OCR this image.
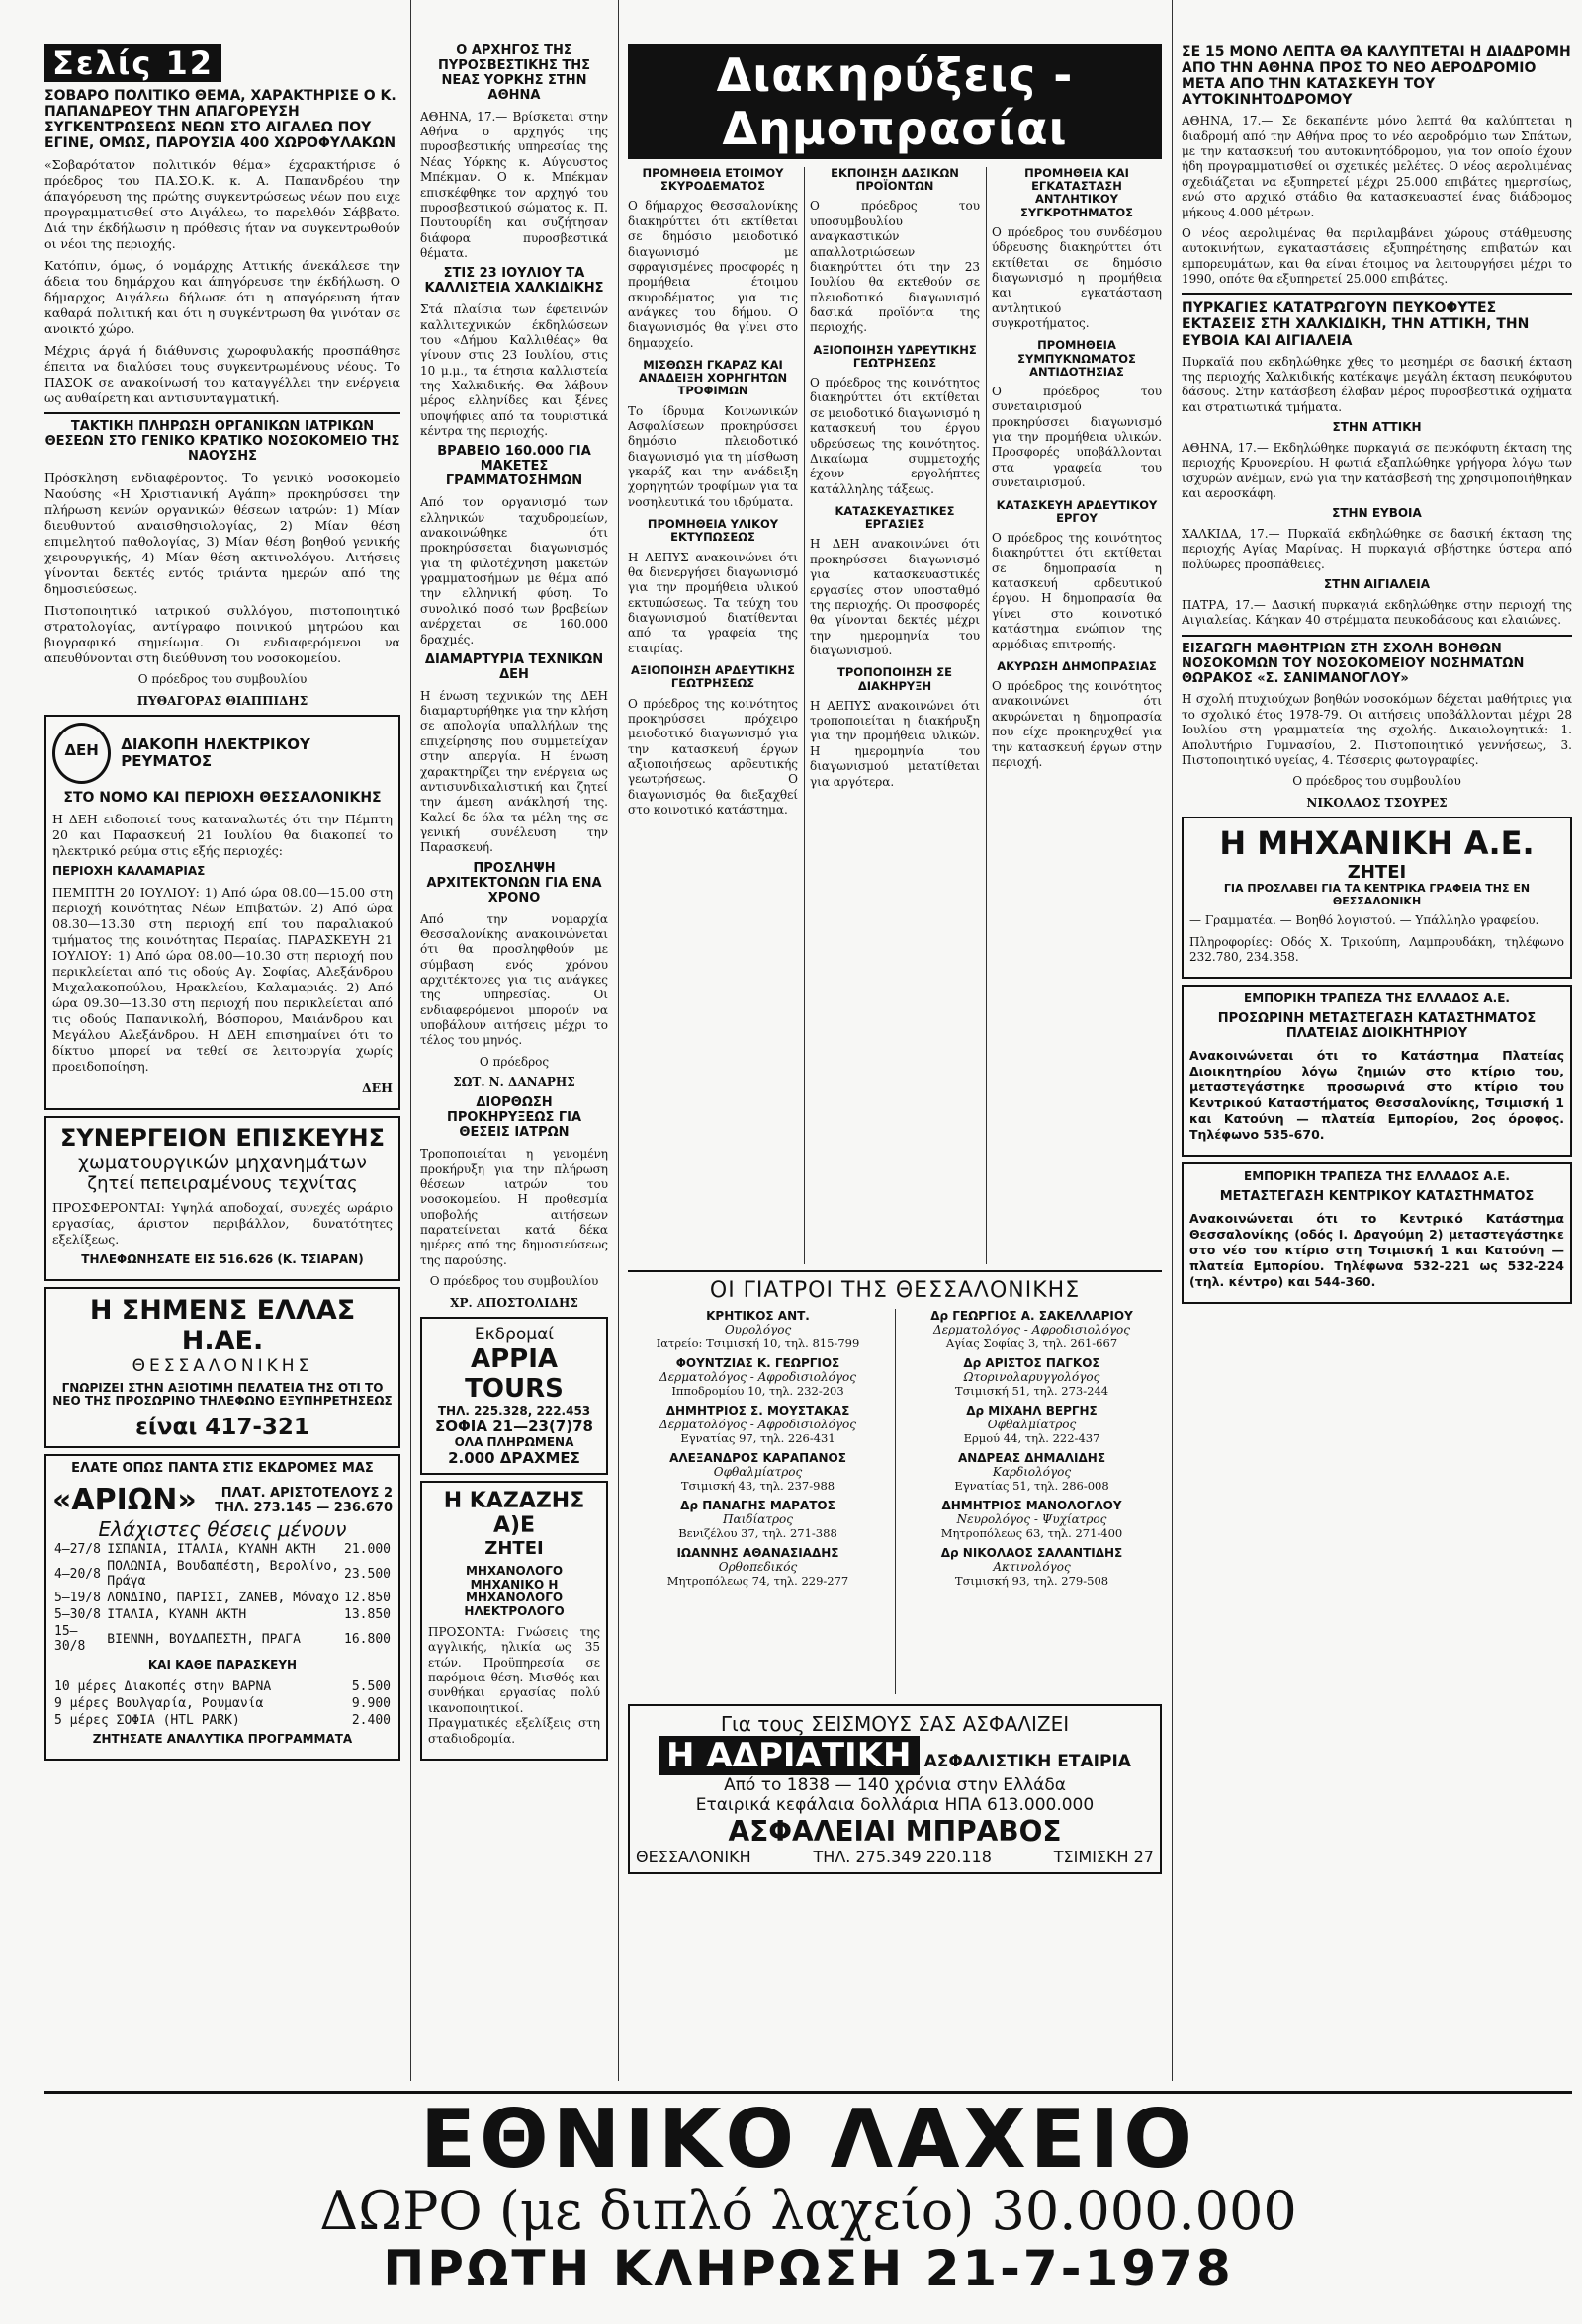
Σελίς 12
ΣΟΒΑΡΟ ΠΟΛΙΤΙΚΟ ΘΕΜΑ, ΧΑΡΑΚΤΗΡΙΣΕ Ο Κ. ΠΑΠΑΝΔΡΕΟΥ ΤΗΝ ΑΠΑΓΟΡΕΥΣΗ ΣΥΓΚΕΝΤΡΩΣΕΩΣ ΝΕΩΝ ΣΤΟ ΑΙΓΑΛΕΩ ΠΟΥ ΕΓΙΝΕ, ΟΜΩΣ, ΠΑΡΟΥΣΙΑ 400 ΧΩΡΟΦΥΛΑΚΩΝ

«Σοβαρότατον πολιτικόν θέμα» έχαρακτήρισε ό πρόεδρος του ΠΑ.ΣΟ.Κ. κ. Α. Παπανδρέου την άπαγόρευση της πρώτης συγκεντρώσεως νέων που ειχε προγραμματισθεί στο Αιγάλεω, το παρελθόν Σάββατο. Διά την έκδήλωσιν η πρόθεσις ήταν να συγκεντρωθούν οι νέοι της περιοχής.

Κατόπιν, όμως, ό νομάρχης Αττικής άνεκάλεσε την άδεια του δημάρχου και άπηγόρευσε την έκδήλωση. Ο δήμαρχος Αιγάλεω δήλωσε ότι η απαγόρευση ήταν καθαρά πολιτική και ότι η συγκέντρωση θα γινόταν σε ανοικτό χώρο.

Μέχρις άργά ή διάθυνσις χωροφυλακής προσπάθησε έπειτα να διαλύσει τους συγκεντρωμένους νέους. Το ΠΑΣΟΚ σε ανακοίνωσή του καταγγέλλει την ενέργεια ως αυθαίρετη και αντισυνταγματική.

ΤΑΚΤΙΚΗ ΠΛΗΡΩΣΗ ΟΡΓΑΝΙΚΩΝ ΙΑΤΡΙΚΩΝ ΘΕΣΕΩΝ ΣΤΟ ΓΕΝΙΚΟ ΚΡΑΤΙΚΟ ΝΟΣΟΚΟΜΕΙΟ ΤΗΣ ΝΑΟΥΣΗΣ

Πρόσκληση ενδιαφέροντος. Το γενικό νοσοκομείο Ναούσης «Η Χριστιανική Αγάπη» προκηρύσσει την πλήρωση κενών οργανικών θέσεων ιατρών: 1) Μίαν διευθυντού αναισθησιολογίας, 2) Μίαν θέση επιμελητού παθολογίας, 3) Μίαν θέση βοηθού γενικής χειρουργικής, 4) Μίαν θέση ακτινολόγου. Αιτήσεις γίνονται δεκτές εντός τριάντα ημερών από της δημοσιεύσεως.

Πιστοποιητικό ιατρικού συλλόγου, πιστοποιητικό στρατολογίας, αντίγραφο ποινικού μητρώου και βιογραφικό σημείωμα. Οι ενδιαφερόμενοι να απευθύνονται στη διεύθυνση του νοσοκομείου.

Ο πρόεδρος του συμβουλίου
ΠΥΘΑΓΟΡΑΣ ΘΙΑΠΠΙΔΗΣ
ΔΕΗ	ΔΙΑΚΟΠΗ ΗΛΕΚΤΡΙΚΟΥ ΡΕΥΜΑΤΟΣ
ΣΤΟ ΝΟΜΟ ΚΑΙ ΠΕΡΙΟΧΗ ΘΕΣΣΑΛΟΝΙΚΗΣ

Η ΔΕΗ ειδοποιεί τους καταναλωτές ότι την Πέμπτη 20 και Παρασκευή 21 Ιουλίου θα διακοπεί το ηλεκτρικό ρεύμα στις εξής περιοχές:

ΠΕΡΙΟΧΗ ΚΑΛΑΜΑΡΙΑΣ

ΠΕΜΠΤΗ 20 ΙΟΥΛΙΟΥ: 1) Από ώρα 08.00—15.00 στη περιοχή κοινότητας Νέων Επιβατών. 2) Από ώρα 08.30—13.30 στη περιοχή επί του παραλιακού τμήματος της κοινότητας Περαίας. ΠΑΡΑΣΚΕΥΗ 21 ΙΟΥΛΙΟΥ: 1) Από ώρα 08.00—10.30 στη περιοχή που περικλείεται από τις οδούς Αγ. Σοφίας, Αλεξάνδρου Μιχαλακοπούλου, Ηρακλείου, Καλαμαριάς. 2) Από ώρα 09.30—13.30 στη περιοχή που περικλείεται από τις οδούς Παπανικολή, Βόσπορου, Μαιάνδρου και Μεγάλου Αλεξάνδρου. Η ΔΕΗ επισημαίνει ότι το δίκτυο μπορεί να τεθεί σε λειτουργία χωρίς προειδοποίηση.

ΔΕΗ
ΣΥΝΕΡΓΕΙΟΝ ΕΠΙΣΚΕΥΗΣ
χωματουργικών μηχανημάτων
ζητεί πεπειραμένους τεχνίτας

ΠΡΟΣΦΕΡΟΝΤΑΙ: Υψηλά αποδοχαί, συνεχές ωράριο εργασίας, άριστον περιβάλλον, δυνατότητες εξελίξεως.

ΤΗΛΕΦΩΝΗΣΑΤΕ ΕΙΣ 516.626 (Κ. ΤΣΙΑΡΑΝ)
Η ΣΗΜΕΝΣ ΕΛΛΑΣ Η.ΑΕ.
ΘΕΣΣΑΛΟΝΙΚΗΣ
ΓΝΩΡΙΖΕΙ ΣΤΗΝ ΑΞΙΟΤΙΜΗ ΠΕΛΑΤΕΙΑ ΤΗΣ ΟΤΙ ΤΟ ΝΕΟ ΤΗΣ ΠΡΟΣΩΡΙΝΟ ΤΗΛΕΦΩΝΟ ΕΞΥΠΗΡΕΤΗΣΕΩΣ
είναι 417-321
ΕΛΑΤΕ ΟΠΩΣ ΠΑΝΤΑ ΣΤΙΣ ΕΚΔΡΟΜΕΣ ΜΑΣ
«ΑΡΙΩΝ»	ΠΛΑΤ. ΑΡΙΣΤΟΤΕΛΟΥΣ 2
ΤΗΛ. 273.145 — 236.670
Ελάχιστες θέσεις μένουν
4—27/8	ΙΣΠΑΝΙΑ, ΙΤΑΛΙΑ, ΚΥΑΝΗ ΑΚΤΗ	21.000
4—20/8	ΠΟΛΩΝΙΑ, Βουδαπέστη, Βερολίνο, Πράγα	23.500
5—19/8	ΛΟΝΔΙΝΟ, ΠΑΡΙΣΙ, ΖΑΝΕΒ, Μόναχο	12.850
5—30/8	ΙΤΑΛΙΑ, ΚΥΑΝΗ ΑΚΤΗ	13.850
15—30/8	ΒΙΕΝΝΗ, ΒΟΥΔΑΠΕΣΤΗ, ΠΡΑΓΑ	16.800
ΚΑΙ ΚΑΘΕ ΠΑΡΑΣΚΕΥΗ
10 μέρες Διακοπές στην ΒΑΡΝΑ	5.500
9 μέρες Βουλγαρία, Ρουμανία	9.900
5 μέρες ΣΟΦΙΑ (HTL PARK)	2.400
ΖΗΤΗΣΑΤΕ ΑΝΑΛΥΤΙΚΑ ΠΡΟΓΡΑΜΜΑΤΑ
Ο ΑΡΧΗΓΟΣ ΤΗΣ ΠΥΡΟΣΒΕΣΤΙΚΗΣ ΤΗΣ ΝΕΑΣ ΥΟΡΚΗΣ ΣΤΗΝ ΑΘΗΝΑ

ΑΘΗΝΑ, 17.— Βρίσκεται στην Αθήνα ο αρχηγός της πυροσβεστικής υπηρεσίας της Νέας Υόρκης κ. Αύγουστος Μπέκμαν. Ο κ. Μπέκμαν επισκέφθηκε τον αρχηγό του πυροσβεστικού σώματος κ. Π. Πουτουρίδη και συζήτησαν διάφορα πυροσβεστικά θέματα.

ΣΤΙΣ 23 ΙΟΥΛΙΟΥ ΤΑ ΚΑΛΛΙΣΤΕΙΑ ΧΑΛΚΙΔΙΚΗΣ

Στά πλαίσια των έφετεινών καλλιτεχνικών έκδηλώσεων του «Δήμου Καλλιθέας» θα γίνουν στις 23 Ιουλίου, στις 10 μ.μ., τα έτησια καλλιστεία της Χαλκιδικής. Θα λάβουν μέρος ελληνίδες και ξένες υποψήφιες από τα τουριστικά κέντρα της περιοχής.

ΒΡΑΒΕΙΟ 160.000 ΓΙΑ ΜΑΚΕΤΕΣ ΓΡΑΜΜΑΤΟΣΗΜΩΝ

Από τον οργανισμό των ελληνικών ταχυδρομείων, ανακοινώθηκε ότι προκηρύσσεται διαγωνισμός για τη φιλοτέχνηση μακετών γραμματοσήμων με θέμα από την ελληνική φύση. Το συνολικό ποσό των βραβείων ανέρχεται σε 160.000 δραχμές.

ΔΙΑΜΑΡΤΥΡΙΑ ΤΕΧΝΙΚΩΝ ΔΕΗ

Η ένωση τεχνικών της ΔΕΗ διαμαρτυρήθηκε για την κλήση σε απολογία υπαλλήλων της επιχείρησης που συμμετείχαν στην απεργία. Η ένωση χαρακτηρίζει την ενέργεια ως αντισυνδικαλιστική και ζητεί την άμεση ανάκλησή της. Καλεί δε όλα τα μέλη της σε γενική συνέλευση την Παρασκευή.

ΠΡΟΣΛΗΨΗ ΑΡΧΙΤΕΚΤΟΝΩΝ ΓΙΑ ΕΝΑ ΧΡΟΝΟ

Από την νομαρχία Θεσσαλονίκης ανακοινώνεται ότι θα προσληφθούν με σύμβαση ενός χρόνου αρχιτέκτονες για τις ανάγκες της υπηρεσίας. Οι ενδιαφερόμενοι μπορούν να υποβάλουν αιτήσεις μέχρι το τέλος του μηνός.

Ο πρόεδρος
ΣΩΤ. Ν. ΔΑΝΑΡΗΣ
ΔΙΟΡΘΩΣΗ ΠΡΟΚΗΡΥΞΕΩΣ ΓΙΑ ΘΕΣΕΙΣ ΙΑΤΡΩΝ

Τροποποιείται η γενομένη προκήρυξη για την πλήρωση θέσεων ιατρών του νοσοκομείου. Η προθεσμία υποβολής αιτήσεων παρατείνεται κατά δέκα ημέρες από της δημοσιεύσεως της παρούσης.

Ο πρόεδρος του συμβουλίου
ΧΡ. ΑΠΟΣΤΟΛΙΔΗΣ
Εκδρομαί
APPIA TOURS
ΤΗΛ. 225.328, 222.453
ΣΟΦΙΑ 21—23(7)78
ΟΛΑ ΠΛΗΡΩΜΕΝΑ
2.000 ΔΡΑΧΜΕΣ
Η ΚΑΖΑΖΗΣ Α)Ε
ΖΗΤΕΙ
ΜΗΧΑΝΟΛΟΓΟ ΜΗΧΑΝΙΚΟ Η ΜΗΧΑΝΟΛΟΓΟ ΗΛΕΚΤΡΟΛΟΓΟ

ΠΡΟΣΟΝΤΑ: Γνώσεις της αγγλικής, ηλικία ως 35 ετών. Προϋπηρεσία σε παρόμοια θέση. Μισθός και συνθήκαι εργασίας πολύ ικανοποιητικοί. Πραγματικές εξελίξεις στη σταδιοδρομία.

Διακηρύξεις - Δημοπρασίαι
ΠΡΟΜΗΘΕΙΑ ΕΤΟΙΜΟΥ ΣΚΥΡΟΔΕΜΑΤΟΣ

Ο δήμαρχος Θεσσαλονίκης διακηρύττει ότι εκτίθεται σε δημόσιο μειοδοτικό διαγωνισμό με σφραγισμένες προσφορές η προμήθεια έτοιμου σκυροδέματος για τις ανάγκες του δήμου. Ο διαγωνισμός θα γίνει στο δημαρχείο.

ΜΙΣΘΩΣΗ ΓΚΑΡΑΖ ΚΑΙ ΑΝΑΔΕΙΞΗ ΧΟΡΗΓΗΤΩΝ ΤΡΟΦΙΜΩΝ

Το ίδρυμα Κοινωνικών Ασφαλίσεων προκηρύσσει δημόσιο πλειοδοτικό διαγωνισμό για τη μίσθωση γκαράζ και την ανάδειξη χορηγητών τροφίμων για τα νοσηλευτικά του ιδρύματα.

ΠΡΟΜΗΘΕΙΑ ΥΛΙΚΟΥ ΕΚΤΥΠΩΣΕΩΣ

Η ΑΕΠΥΣ ανακοινώνει ότι θα διενεργήσει διαγωνισμό για την προμήθεια υλικού εκτυπώσεως. Τα τεύχη του διαγωνισμού διατίθενται από τα γραφεία της εταιρίας.

ΑΞΙΟΠΟΙΗΣΗ ΑΡΔΕΥΤΙΚΗΣ ΓΕΩΤΡΗΣΕΩΣ

Ο πρόεδρος της κοινότητος προκηρύσσει πρόχειρο μειοδοτικό διαγωνισμό για την κατασκευή έργων αξιοποιήσεως αρδευτικής γεωτρήσεως. Ο διαγωνισμός θα διεξαχθεί στο κοινοτικό κατάστημα.

ΕΚΠΟΙΗΣΗ ΔΑΣΙΚΩΝ ΠΡΟΪΟΝΤΩΝ

Ο πρόεδρος του υποσυμβουλίου αναγκαστικών απαλλοτριώσεων διακηρύττει ότι την 23 Ιουλίου θα εκτεθούν σε πλειοδοτικό διαγωνισμό δασικά προϊόντα της περιοχής.

ΑΞΙΟΠΟΙΗΣΗ ΥΔΡΕΥΤΙΚΗΣ ΓΕΩΤΡΗΣΕΩΣ

Ο πρόεδρος της κοινότητος διακηρύττει ότι εκτίθεται σε μειοδοτικό διαγωνισμό η κατασκευή του έργου υδρεύσεως της κοινότητος. Δικαίωμα συμμετοχής έχουν εργολήπτες κατάλληλης τάξεως.

ΚΑΤΑΣΚΕΥΑΣΤΙΚΕΣ ΕΡΓΑΣΙΕΣ

Η ΔΕΗ ανακοινώνει ότι προκηρύσσει διαγωνισμό για κατασκευαστικές εργασίες στον υποσταθμό της περιοχής. Οι προσφορές θα γίνονται δεκτές μέχρι την ημερομηνία του διαγωνισμού.

ΤΡΟΠΟΠΟΙΗΣΗ ΣΕ ΔΙΑΚΗΡΥΞΗ

Η ΑΕΠΥΣ ανακοινώνει ότι τροποποιείται η διακήρυξη για την προμήθεια υλικών. Η ημερομηνία του διαγωνισμού μετατίθεται για αργότερα.

ΠΡΟΜΗΘΕΙΑ ΚΑΙ ΕΓΚΑΤΑΣΤΑΣΗ ΑΝΤΛΗΤΙΚΟΥ ΣΥΓΚΡΟΤΗΜΑΤΟΣ

Ο πρόεδρος του συνδέσμου ύδρευσης διακηρύττει ότι εκτίθεται σε δημόσιο διαγωνισμό η προμήθεια και εγκατάσταση αντλητικού συγκροτήματος.

ΠΡΟΜΗΘΕΙΑ ΣΥΜΠΥΚΝΩΜΑΤΟΣ ΑΝΤΙΔΟΤΗΣΙΑΣ

Ο πρόεδρος του συνεταιρισμού προκηρύσσει διαγωνισμό για την προμήθεια υλικών. Προσφορές υποβάλλονται στα γραφεία του συνεταιρισμού.

ΚΑΤΑΣΚΕΥΗ ΑΡΔΕΥΤΙΚΟΥ ΕΡΓΟΥ

Ο πρόεδρος της κοινότητος διακηρύττει ότι εκτίθεται σε δημοπρασία η κατασκευή αρδευτικού έργου. Η δημοπρασία θα γίνει στο κοινοτικό κατάστημα ενώπιον της αρμόδιας επιτροπής.

ΑΚΥΡΩΣΗ ΔΗΜΟΠΡΑΣΙΑΣ

Ο πρόεδρος της κοινότητος ανακοινώνει ότι ακυρώνεται η δημοπρασία που είχε προκηρυχθεί για την κατασκευή έργων στην περιοχή.

ΟΙ ΓΙΑΤΡΟΙ ΤΗΣ ΘΕΣΣΑΛΟΝΙΚΗΣ
ΚΡΗΤΙΚΟΣ ΑΝΤ.
Ουρολόγος
Ιατρείο: Τσιμισκή 10, τηλ. 815-799
ΦΟΥΝΤΖΙΑΣ Κ. ΓΕΩΡΓΙΟΣ
Δερματολόγος - Αφροδισιολόγος
Ιπποδρομίου 10, τηλ. 232-203
ΔΗΜΗΤΡΙΟΣ Σ. ΜΟΥΣΤΑΚΑΣ
Δερματολόγος - Αφροδισιολόγος
Εγνατίας 97, τηλ. 226-431
ΑΛΕΞΑΝΔΡΟΣ ΚΑΡΑΠΑΝΟΣ
Οφθαλμίατρος
Τσιμισκή 43, τηλ. 237-988
Δρ ΠΑΝΑΓΗΣ ΜΑΡΑΤΟΣ
Παιδίατρος
Βενιζέλου 37, τηλ. 271-388
ΙΩΑΝΝΗΣ ΑΘΑΝΑΣΙΑΔΗΣ
Ορθοπεδικός
Μητροπόλεως 74, τηλ. 229-277
Δρ ΓΕΩΡΓΙΟΣ Α. ΣΑΚΕΛΛΑΡΙΟΥ
Δερματολόγος - Αφροδισιολόγος
Αγίας Σοφίας 3, τηλ. 261-667
Δρ ΑΡΙΣΤΟΣ ΠΑΓΚΟΣ
Ωτορινολαρυγγολόγος
Τσιμισκή 51, τηλ. 273-244
Δρ ΜΙΧΑΗΛ ΒΕΡΓΗΣ
Οφθαλμίατρος
Ερμού 44, τηλ. 222-437
ΑΝΔΡΕΑΣ ΔΗΜΑΛΙΔΗΣ
Καρδιολόγος
Εγνατίας 51, τηλ. 286-008
ΔΗΜΗΤΡΙΟΣ ΜΑΝΟΛΟΓΛΟΥ
Νευρολόγος - Ψυχίατρος
Μητροπόλεως 63, τηλ. 271-400
Δρ ΝΙΚΟΛΑΟΣ ΣΑΛΑΝΤΙΔΗΣ
Ακτινολόγος
Τσιμισκή 93, τηλ. 279-508
Για τους ΣΕΙΣΜΟΥΣ ΣΑΣ ΑΣΦΑΛΙΖΕΙ
Η ΑΔΡΙΑΤΙΚΗ ΑΣΦΑΛΙΣΤΙΚΗ ΕΤΑΙΡΙΑ
Από το 1838 — 140 χρόνια στην Ελλάδα
Εταιρικά κεφάλαια δολλάρια ΗΠΑ 613.000.000
ΑΣΦΑΛΕΙΑΙ ΜΠΡΑΒΟΣ
ΘΕΣΣΑΛΟΝΙΚΗ	ΤΗΛ. 275.349 220.118	ΤΣΙΜΙΣΚΗ 27
ΣΕ 15 ΜΟΝΟ ΛΕΠΤΑ ΘΑ ΚΑΛΥΠΤΕΤΑΙ Η ΔΙΑΔΡΟΜΗ ΑΠΟ ΤΗΝ ΑΘΗΝΑ ΠΡΟΣ ΤΟ ΝΕΟ ΑΕΡΟΔΡΟΜΙΟ ΜΕΤΑ ΑΠΟ ΤΗΝ ΚΑΤΑΣΚΕΥΗ ΤΟΥ ΑΥΤΟΚΙΝΗΤΟΔΡΟΜΟΥ

ΑΘΗΝΑ, 17.— Σε δεκαπέντε μόνο λεπτά θα καλύπτεται η διαδρομή από την Αθήνα προς το νέο αεροδρόμιο των Σπάτων, με την κατασκευή του αυτοκινητόδρομου, για τον οποίο έχουν ήδη προγραμματισθεί οι σχετικές μελέτες. Ο νέος αερολιμένας σχεδιάζεται να εξυπηρετεί μέχρι 25.000 επιβάτες ημερησίως, ενώ στο αρχικό στάδιο θα κατασκευαστεί ένας διάδρομος μήκους 4.000 μέτρων.

Ο νέος αερολιμένας θα περιλαμβάνει χώρους στάθμευσης αυτοκινήτων, εγκαταστάσεις εξυπηρέτησης επιβατών και εμπορευμάτων, και θα είναι έτοιμος να λειτουργήσει μέχρι το 1990, οπότε θα εξυπηρετεί 25.000 επιβάτες.

ΠΥΡΚΑΓΙΕΣ ΚΑΤΑΤΡΩΓΟΥΝ ΠΕΥΚΟΦΥΤΕΣ ΕΚΤΑΣΕΙΣ ΣΤΗ ΧΑΛΚΙΔΙΚΗ, ΤΗΝ ΑΤΤΙΚΗ, ΤΗΝ ΕΥΒΟΙΑ ΚΑΙ ΑΙΓΙΑΛΕΙΑ

Πυρκαϊά που εκδηλώθηκε χθες το μεσημέρι σε δασική έκταση της περιοχής Χαλκιδικής κατέκαψε μεγάλη έκταση πευκόφυτου δάσους. Στην κατάσβεση έλαβαν μέρος πυροσβεστικά οχήματα και στρατιωτικά τμήματα.

ΣΤΗΝ ΑΤΤΙΚΗ

ΑΘΗΝΑ, 17.— Εκδηλώθηκε πυρκαγιά σε πευκόφυτη έκταση της περιοχής Κρυονερίου. Η φωτιά εξαπλώθηκε γρήγορα λόγω των ισχυρών ανέμων, ενώ για την κατάσβεσή της χρησιμοποιήθηκαν και αεροσκάφη.

ΣΤΗΝ ΕΥΒΟΙΑ

ΧΑΛΚΙΔΑ, 17.— Πυρκαϊά εκδηλώθηκε σε δασική έκταση της περιοχής Αγίας Μαρίνας. Η πυρκαγιά σβήστηκε ύστερα από πολύωρες προσπάθειες.

ΣΤΗΝ ΑΙΓΙΑΛΕΙΑ

ΠΑΤΡΑ, 17.— Δασική πυρκαγιά εκδηλώθηκε στην περιοχή της Αιγιαλείας. Κάηκαν 40 στρέμματα πευκοδάσους και ελαιώνες.

ΕΙΣΑΓΩΓΗ ΜΑΘΗΤΡΙΩΝ ΣΤΗ ΣΧΟΛΗ ΒΟΗΘΩΝ ΝΟΣΟΚΟΜΩΝ ΤΟΥ ΝΟΣΟΚΟΜΕΙΟΥ ΝΟΣΗΜΑΤΩΝ ΘΩΡΑΚΟΣ «Σ. ΣΑΝΙΜΑΝΟΓΛΟΥ»

Η σχολή πτυχιούχων βοηθών νοσοκόμων δέχεται μαθήτριες για το σχολικό έτος 1978-79. Οι αιτήσεις υποβάλλονται μέχρι 28 Ιουλίου στη γραμματεία της σχολής. Δικαιολογητικά: 1. Απολυτήριο Γυμνασίου, 2. Πιστοποιητικό γεννήσεως, 3. Πιστοποιητικό υγείας, 4. Τέσσερις φωτογραφίες.

Ο πρόεδρος του συμβουλίου
ΝΙΚΟΛΑΟΣ ΤΣΟΥΡΕΣ
Η ΜΗΧΑΝΙΚΗ Α.Ε.
ΖΗΤΕΙ
ΓΙΑ ΠΡΟΣΛΑΒΕΙ ΓΙΑ ΤΑ ΚΕΝΤΡΙΚΑ ΓΡΑΦΕΙΑ ΤΗΣ ΕΝ ΘΕΣΣΑΛΟΝΙΚΗ

— Γραμματέα. — Βοηθό λογιστού. — Υπάλληλο γραφείου.

Πληροφορίες: Οδός Χ. Τρικούπη, Λαμπρουδάκη, τηλέφωνο 232.780, 234.358.

ΕΜΠΟΡΙΚΗ ΤΡΑΠΕΖΑ ΤΗΣ ΕΛΛΑΔΟΣ Α.Ε.
ΠΡΟΣΩΡΙΝΗ ΜΕΤΑΣΤΕΓΑΣΗ ΚΑΤΑΣΤΗΜΑΤΟΣ ΠΛΑΤΕΙΑΣ ΔΙΟΙΚΗΤΗΡΙΟΥ

Ανακοινώνεται ότι το Κατάστημα Πλατείας Διοικητηρίου λόγω ζημιών στο κτίριο του, μεταστεγάστηκε προσωρινά στο κτίριο του Κεντρικού Καταστήματος Θεσσαλονίκης, Τσιμισκή 1 και Κατούνη — πλατεία Εμπορίου, 2ος όροφος. Τηλέφωνο 535-670.

ΕΜΠΟΡΙΚΗ ΤΡΑΠΕΖΑ ΤΗΣ ΕΛΛΑΔΟΣ Α.Ε.
ΜΕΤΑΣΤΕΓΑΣΗ ΚΕΝΤΡΙΚΟΥ ΚΑΤΑΣΤΗΜΑΤΟΣ

Ανακοινώνεται ότι το Κεντρικό Κατάστημα Θεσσαλονίκης (οδός Ι. Δραγούμη 2) μεταστεγάστηκε στο νέο του κτίριο στη Τσιμισκή 1 και Κατούνη — πλατεία Εμπορίου. Τηλέφωνα 532-221 ως 532-224 (τηλ. κέντρο) και 544-360.

ΕΘΝΙΚΟ ΛΑΧΕΙΟ
ΔΩΡΟ (με διπλό λαχείο) 30.000.000
ΠΡΩΤΗ ΚΛΗΡΩΣΗ 21-7-1978
